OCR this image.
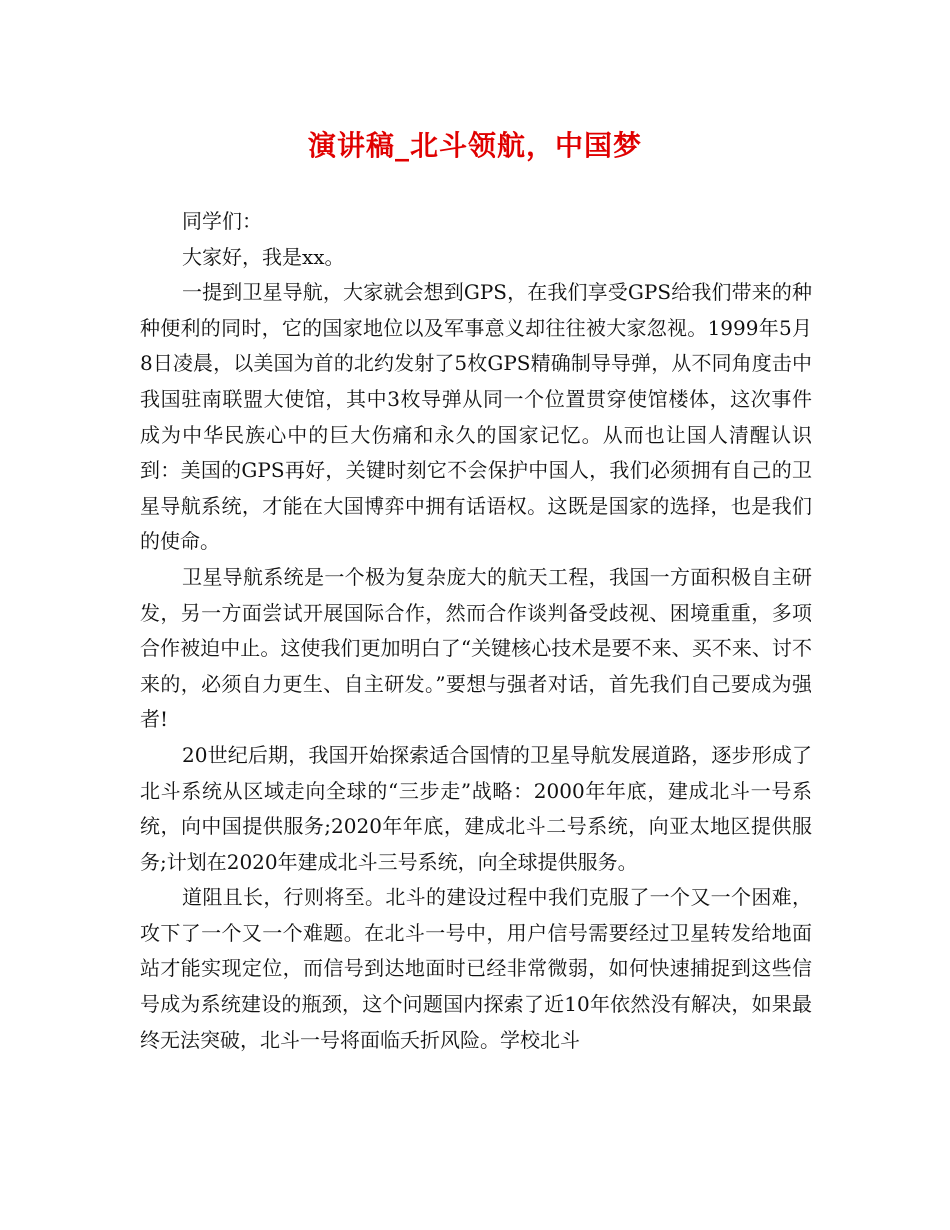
演讲稿_北斗领航，中国梦

同学们：

大家好，我是xx。

一提到卫星导航，大家就会想到GPS，在我们享受GPS给我们带来的种种便利的同时，它的国家地位以及军事意义却往往被大家忽视。1999年5月8日凌晨，以美国为首的北约发射了5枚GPS精确制导导弹，从不同角度击中我国驻南联盟大使馆，其中3枚导弹从同一个位置贯穿使馆楼体，这次事件成为中华民族心中的巨大伤痛和永久的国家记忆。从而也让国人清醒认识到：美国的GPS再好，关键时刻它不会保护中国人，我们必须拥有自己的卫星导航系统，才能在大国博弈中拥有话语权。这既是国家的选择，也是我们的使命。

卫星导航系统是一个极为复杂庞大的航天工程，我国一方面积极自主研发，另一方面尝试开展国际合作，然而合作谈判备受歧视、困境重重，多项合作被迫中止。这使我们更加明白了“关键核心技术是要不来、买不来、讨不来的，必须自力更生、自主研发。”要想与强者对话，首先我们自己要成为强者!

20世纪后期，我国开始探索适合国情的卫星导航发展道路，逐步形成了北斗系统从区域走向全球的“三步走”战略：2000年年底，建成北斗一号系统，向中国提供服务;2020年年底，建成北斗二号系统，向亚太地区提供服务;计划在2020年建成北斗三号系统，向全球提供服务。

道阻且长，行则将至。北斗的建设过程中我们克服了一个又一个困难，攻下了一个又一个难题。在北斗一号中，用户信号需要经过卫星转发给地面站才能实现定位，而信号到达地面时已经非常微弱，如何快速捕捉到这些信号成为系统建设的瓶颈，这个问题国内探索了近10年依然没有解决，如果最终无法突破，北斗一号将面临夭折风险。学校北斗
